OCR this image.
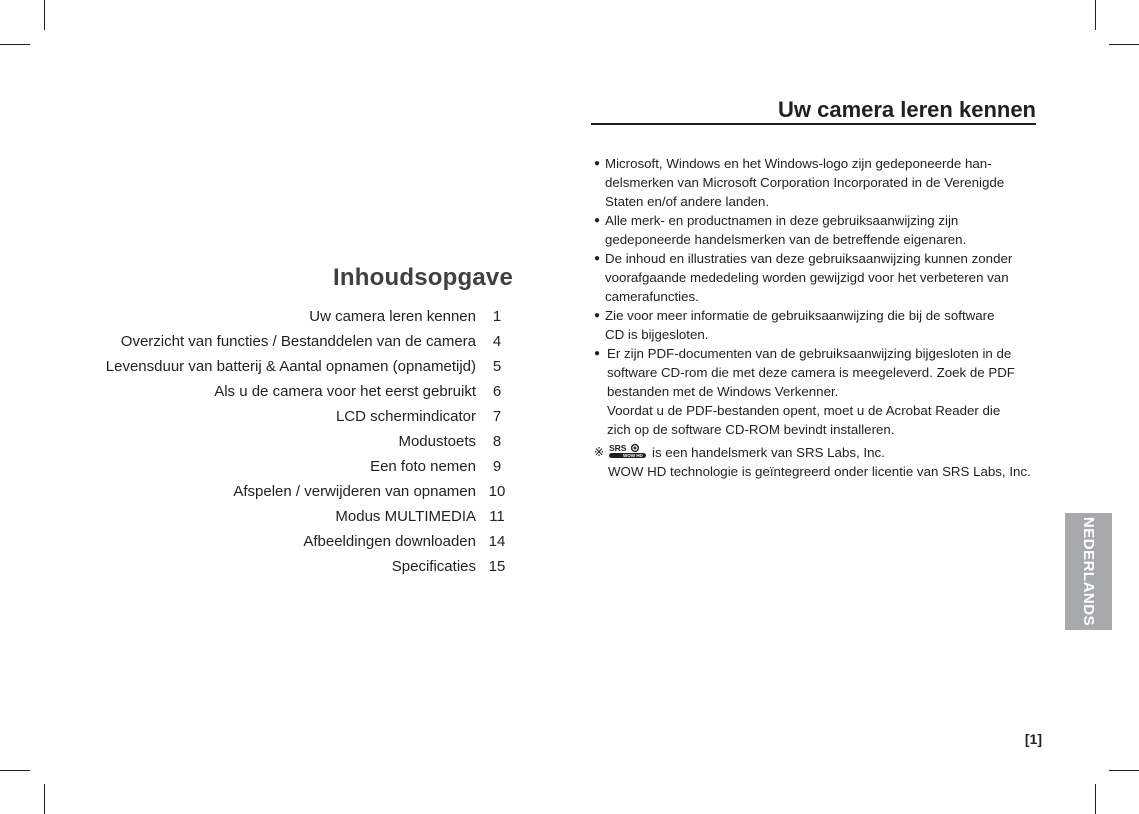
Inhoudsopgave
Uw camera leren kennen	1
Overzicht van functies / Bestanddelen van de camera	4
Levensduur van batterij & Aantal opnamen (opnametijd)	5
Als u de camera voor het eerst gebruikt	6
LCD schermindicator	7
Modustoets	8
Een foto nemen	9
Afspelen / verwijderen van opnamen 10
Modus MULTIMEDIA 11
Afbeeldingen downloaden 14
Specificaties 15
Uw camera leren kennen
● Microsoft, Windows en het Windows-logo zijn gedeponeerde han-
delsmerken van Microsoft Corporation Incorporated in de Verenigde
Staten en/of andere landen.
● Alle merk- en productnamen in deze gebruiksaanwijzing zijn
gedeponeerde handelsmerken van de betreffende eigenaren.
● De inhoud en illustraties van deze gebruiksaanwijzing kunnen zonder
voorafgaande mededeling worden gewijzigd voor het verbeteren van
camerafuncties.
● Zie voor meer informatie de gebruiksaanwijzing die bij de software
CD is bijgesloten.
● Er zijn PDF-documenten van de gebruiksaanwijzing bijgesloten in de
software CD-rom die met deze camera is meegeleverd. Zoek de PDF
bestanden met de Windows Verkenner.
Voordat u de PDF-bestanden opent, moet u de Acrobat Reader die
zich op de software CD-ROM bevindt installeren.
※ SRS
WOW HD is een handelsmerk van SRS Labs, Inc.
WOW HD technologie is geïntegreerd onder licentie van SRS Labs, Inc.
NEDERLANDS
[1]
